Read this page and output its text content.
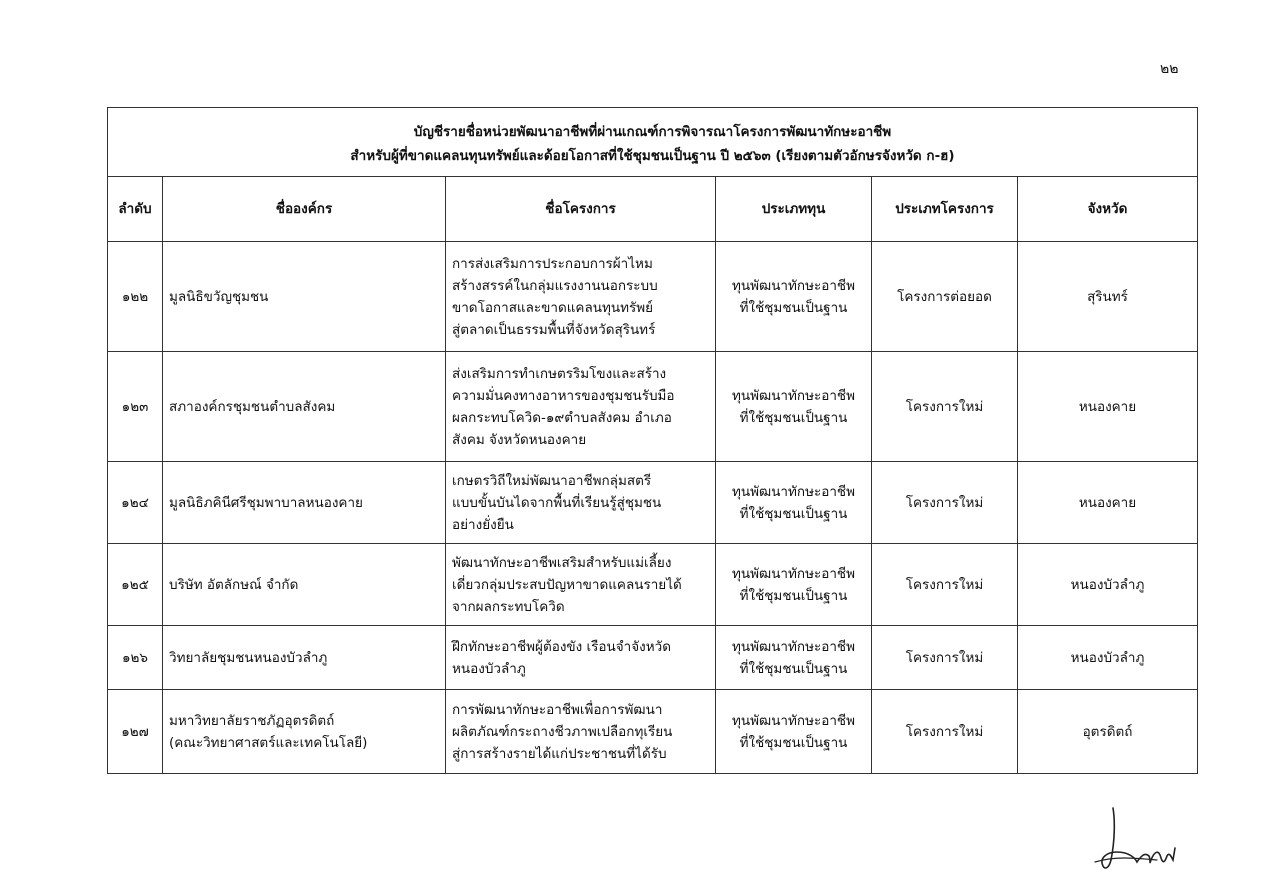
๒๒
บัญชีรายชื่อหน่วยพัฒนาอาชีพที่ผ่านเกณฑ์การพิจารณาโครงการพัฒนาทักษะอาชีพ
สำหรับผู้ที่ขาดแคลนทุนทรัพย์และด้อยโอกาสที่ใช้ชุมชนเป็นฐาน ปี ๒๕๖๓ (เรียงตามตัวอักษรจังหวัด ก-ฮ)					

ลำดับ	ชื่อองค์กร	ชื่อโครงการ	ประเภททุน	ประเภทโครงการ	จังหวัด
๑๒๒	มูลนิธิขวัญชุมชน	การส่งเสริมการประกอบการผ้าไหม
สร้างสรรค์ในกลุ่มแรงงานนอกระบบ
ขาดโอกาสและขาดแคลนทุนทรัพย์
สู่ตลาดเป็นธรรมพื้นที่จังหวัดสุรินทร์	ทุนพัฒนาทักษะอาชีพ
ที่ใช้ชุมชนเป็นฐาน	โครงการต่อยอด	สุรินทร์
๑๒๓	สภาองค์กรชุมชนตำบลสังคม	ส่งเสริมการทำเกษตรริมโขงและสร้าง
ความมั่นคงทางอาหารของชุมชนรับมือ
ผลกระทบโควิด-๑๙ตำบลสังคม อำเภอ
สังคม จังหวัดหนองคาย	ทุนพัฒนาทักษะอาชีพ
ที่ใช้ชุมชนเป็นฐาน	โครงการใหม่	หนองคาย
๑๒๔	มูลนิธิภคินีศรีชุมพาบาลหนองคาย	เกษตรวิถีใหม่พัฒนาอาชีพกลุ่มสตรี
แบบขั้นบันไดจากพื้นที่เรียนรู้สู่ชุมชน
อย่างยั่งยืน	ทุนพัฒนาทักษะอาชีพ
ที่ใช้ชุมชนเป็นฐาน	โครงการใหม่	หนองคาย
๑๒๕	บริษัท อัตลักษณ์ จำกัด	พัฒนาทักษะอาชีพเสริมสำหรับแม่เลี้ยง
เดี่ยวกลุ่มประสบปัญหาขาดแคลนรายได้
จากผลกระทบโควิด	ทุนพัฒนาทักษะอาชีพ
ที่ใช้ชุมชนเป็นฐาน	โครงการใหม่	หนองบัวลำภู
๑๒๖	วิทยาลัยชุมชนหนองบัวลำภู	ฝึกทักษะอาชีพผู้ต้องขัง เรือนจำจังหวัด
หนองบัวลำภู	ทุนพัฒนาทักษะอาชีพ
ที่ใช้ชุมชนเป็นฐาน	โครงการใหม่	หนองบัวลำภู
๑๒๗	มหาวิทยาลัยราชภัฏอุตรดิตถ์
(คณะวิทยาศาสตร์และเทคโนโลยี)	การพัฒนาทักษะอาชีพเพื่อการพัฒนา
ผลิตภัณฑ์กระถางชีวภาพเปลือกทุเรียน
สู่การสร้างรายได้แก่ประชาชนที่ได้รับ	ทุนพัฒนาทักษะอาชีพ
ที่ใช้ชุมชนเป็นฐาน	โครงการใหม่	อุตรดิตถ์
